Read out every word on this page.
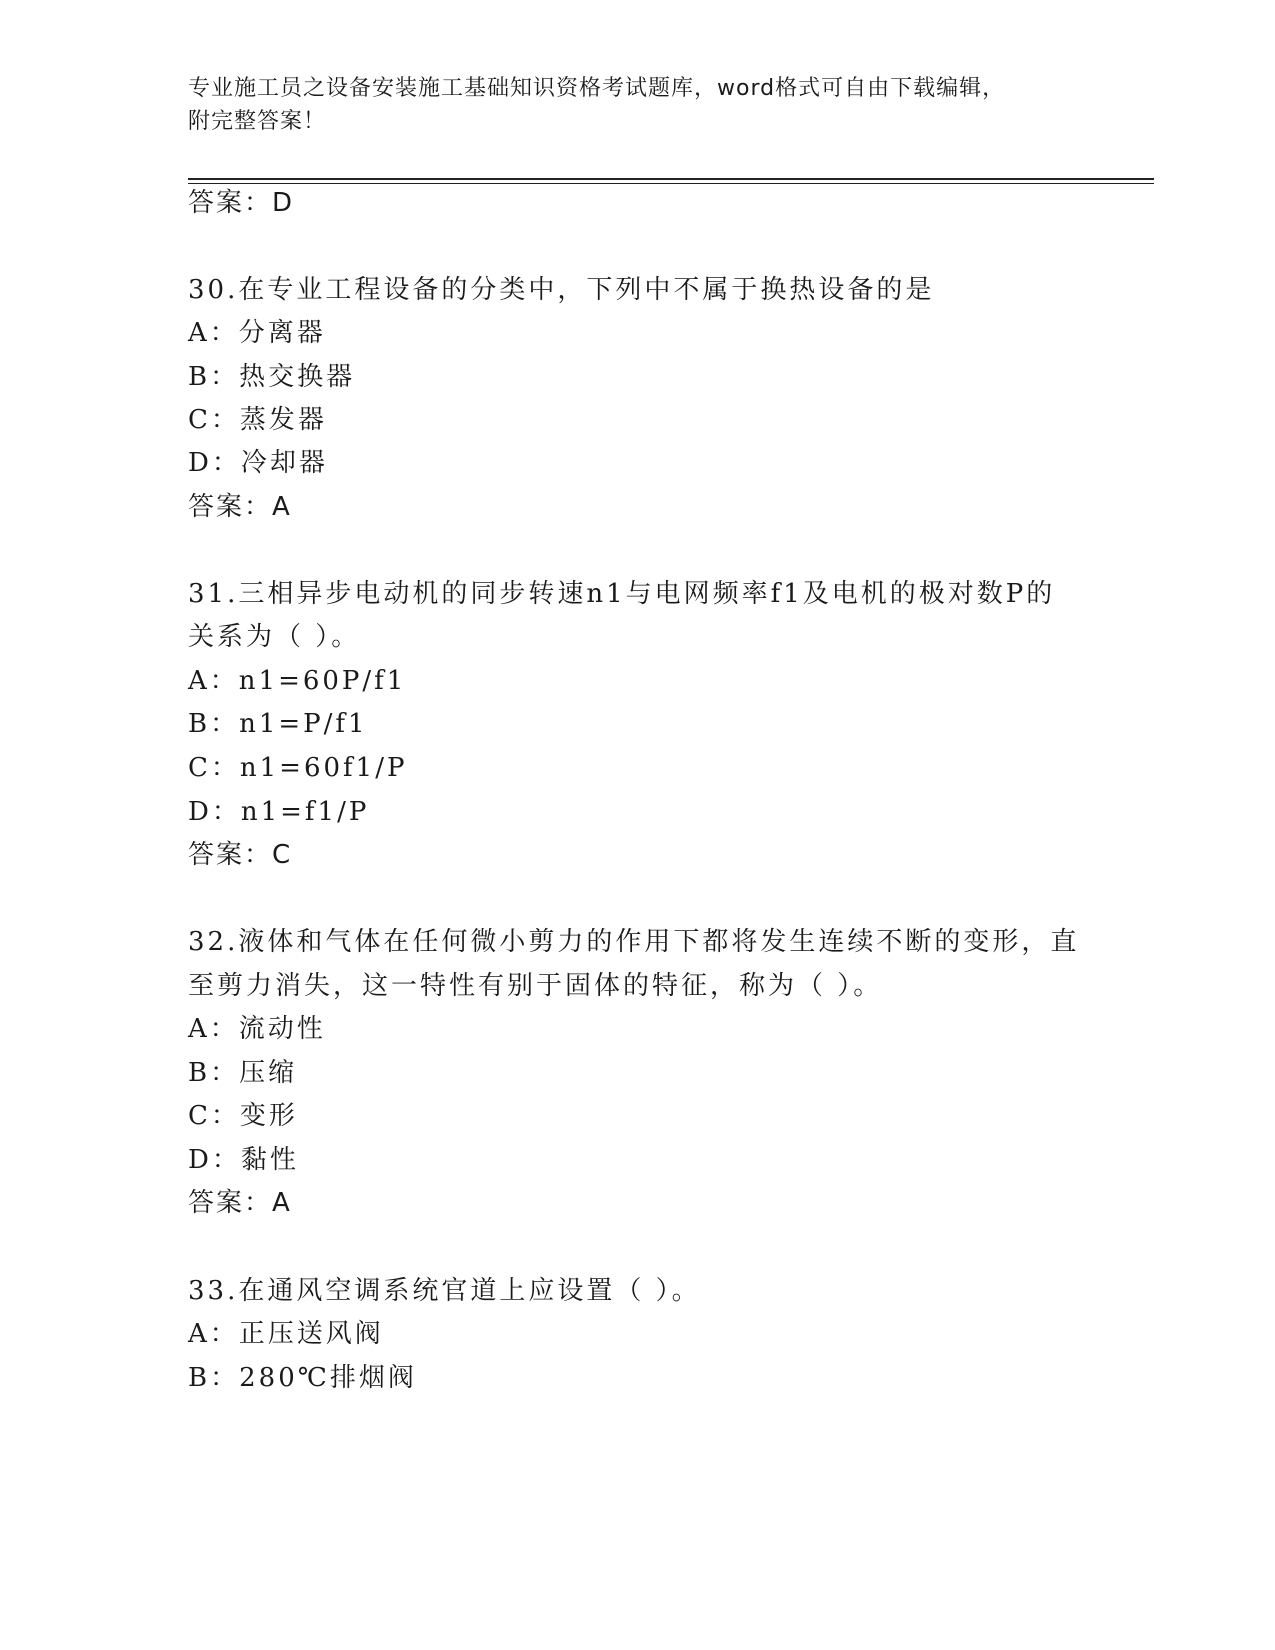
专业施工员之设备安装施工基础知识资格考试题库，word格式可自由下载编辑，
附完整答案！
答案：D
30.在专业工程设备的分类中，下列中不属于换热设备的是
A：分离器
B：热交换器
C：蒸发器
D：冷却器
答案：A
31.三相异步电动机的同步转速n1与电网频率f1及电机的极对数P的
关系为（ ）。
A：n1=60P/f1
B：n1=P/f1
C：n1=60f1/P
D：n1=f1/P
答案：C
32.液体和气体在任何微小剪力的作用下都将发生连续不断的变形，直
至剪力消失，这一特性有别于固体的特征，称为（ ）。
A：流动性
B：压缩
C：变形
D：黏性
答案：A
33.在通风空调系统官道上应设置（ ）。
A：正压送风阀
B：280℃排烟阀
